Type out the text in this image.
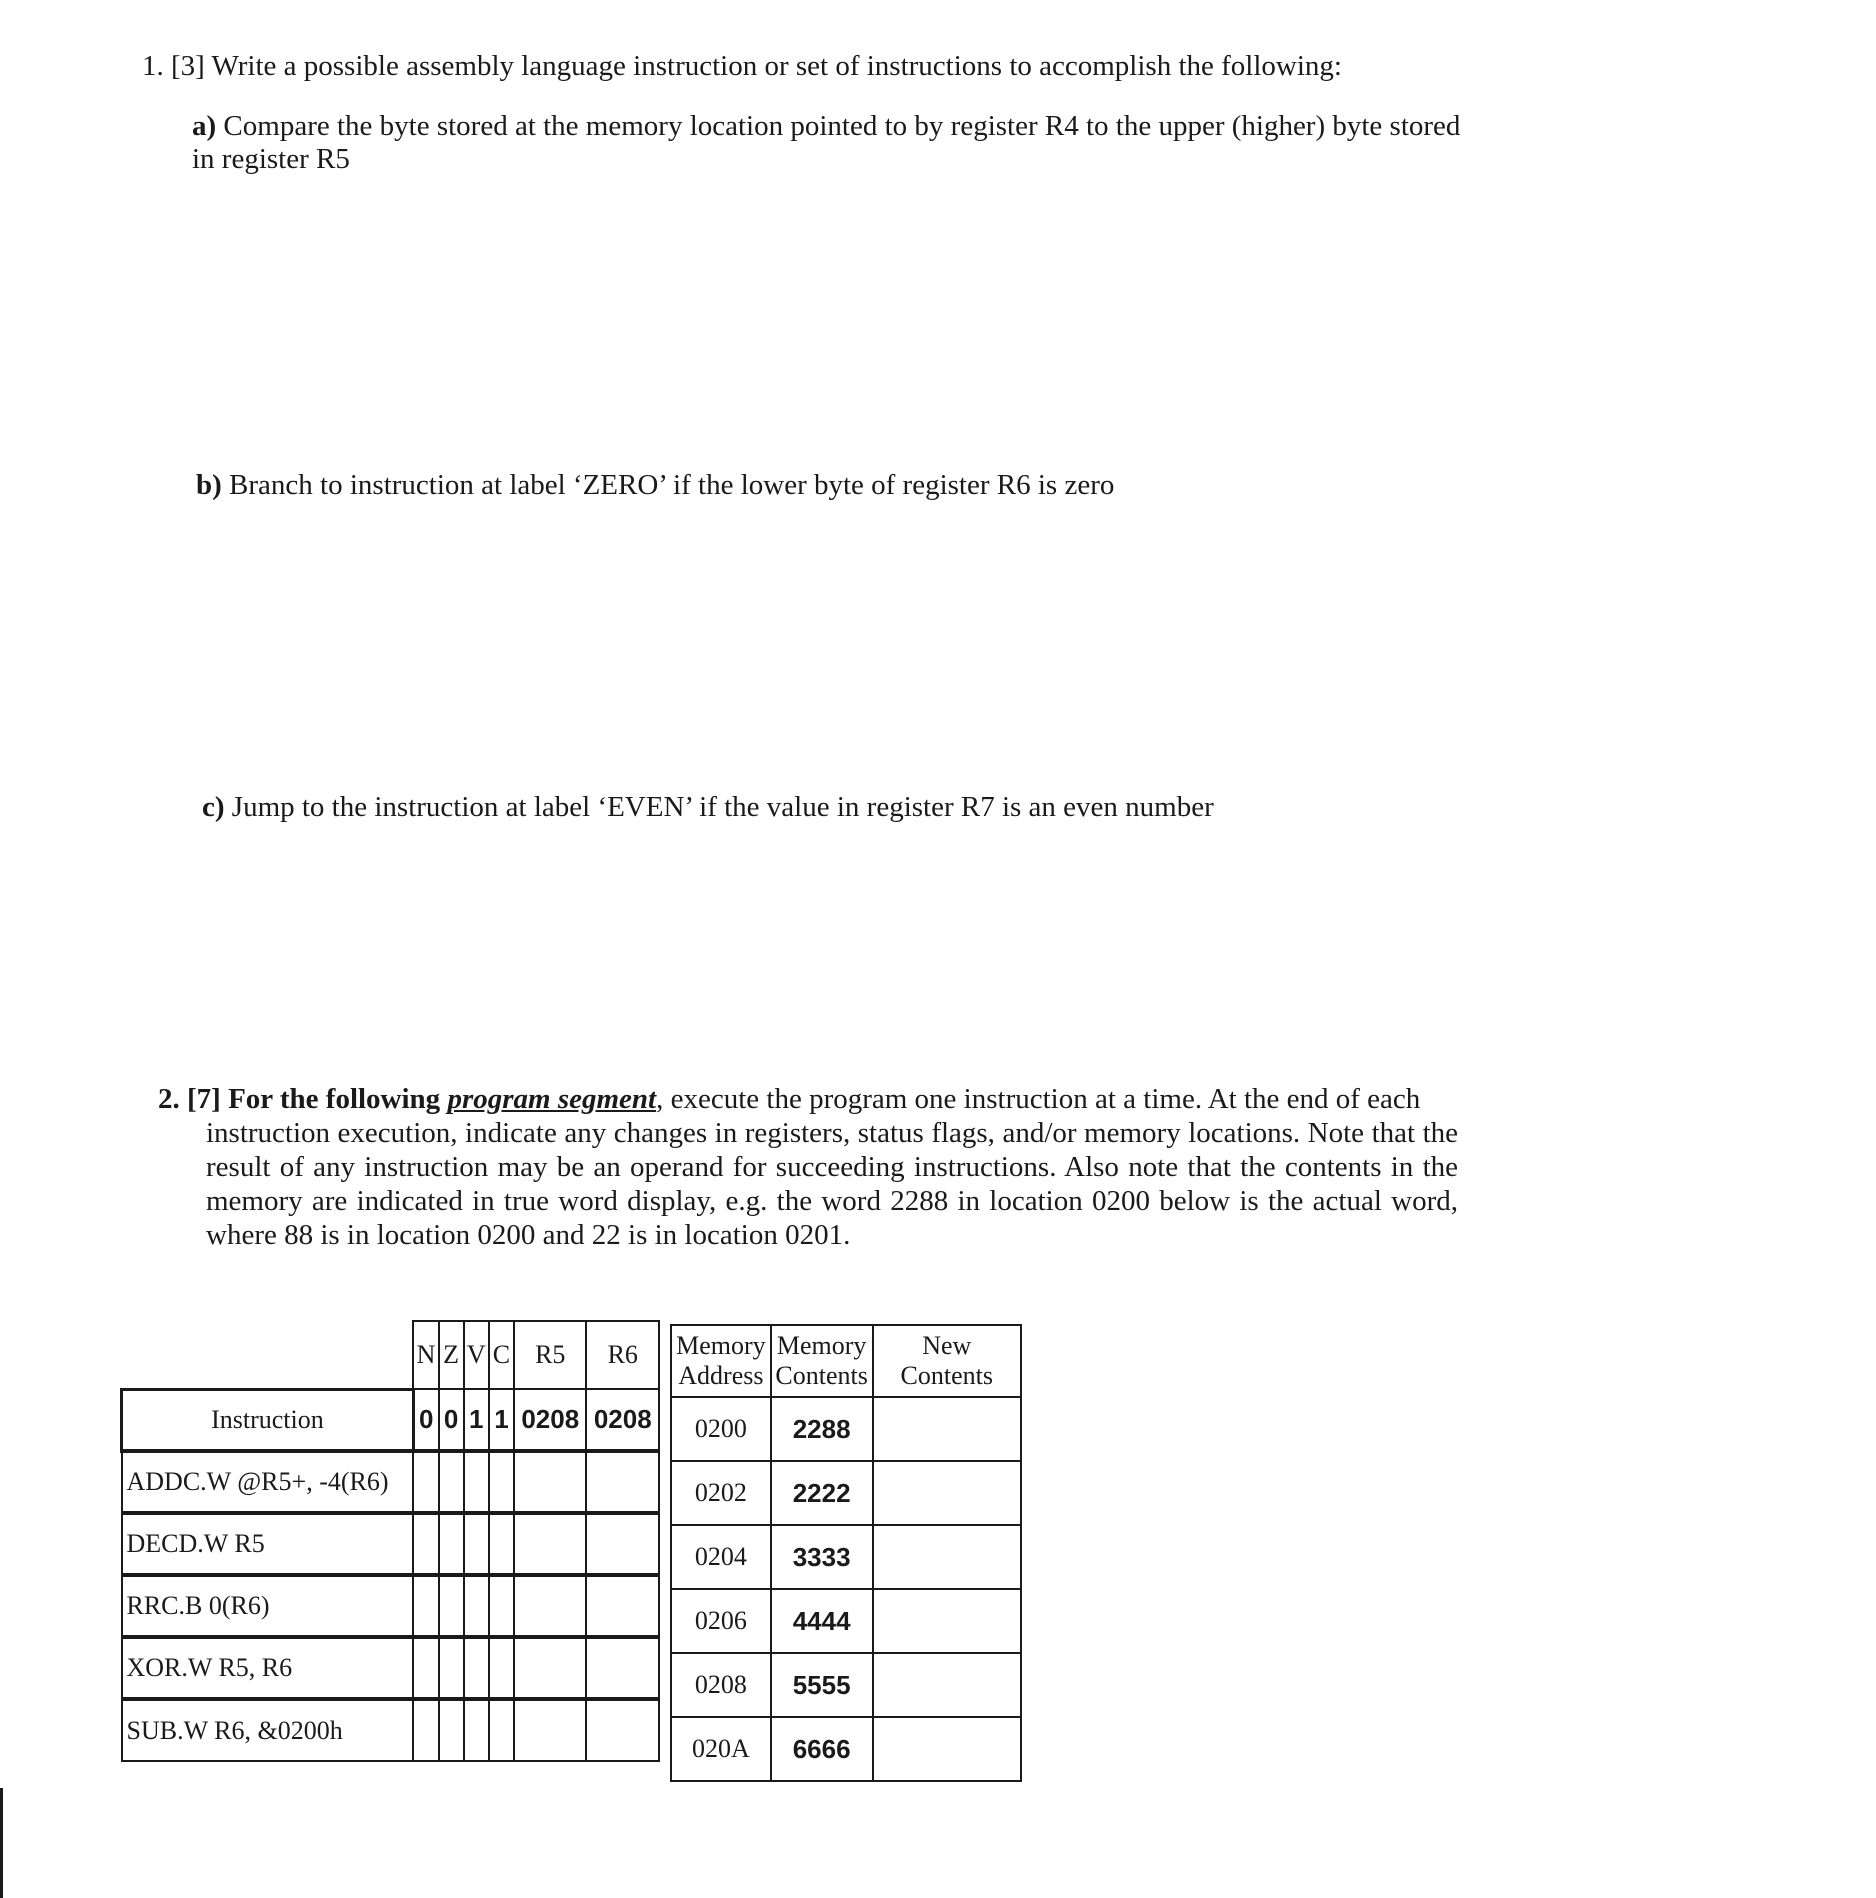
1. [3] Write a possible assembly language instruction or set of instructions to accomplish the following:
a) Compare the byte stored at the memory location pointed to by register R4 to the upper (higher) byte stored in register R5
b) Branch to instruction at label ‘ZERO’ if the lower byte of register R6 is zero
c) Jump to the instruction at label ‘EVEN’ if the value in register R7 is an even number
2. [7] For the following program segment, execute the program one instruction at a time. At the end of each
instruction execution, indicate any changes in registers, status flags, and/or memory locations. Note that the result of any instruction may be an operand for succeeding instructions. Also note that the contents in the memory are indicated in true word display, e.g. the word 2288 in location 0200 below is the actual word, where 88 is in location 0200 and 22 is in location 0201.
	N	Z	V	C	R5	R6
Instruction	0	0	1	1	0208	0208
ADDC.W @R5+, -4(R6)						
DECD.W R5						
RRC.B 0(R6)						
XOR.W R5, R6						
SUB.W R6, &0200h						
Memory Address	Memory Contents	New Contents
0200	2288	
0202	2222	
0204	3333	
0206	4444	
0208	5555	
020A	6666	
